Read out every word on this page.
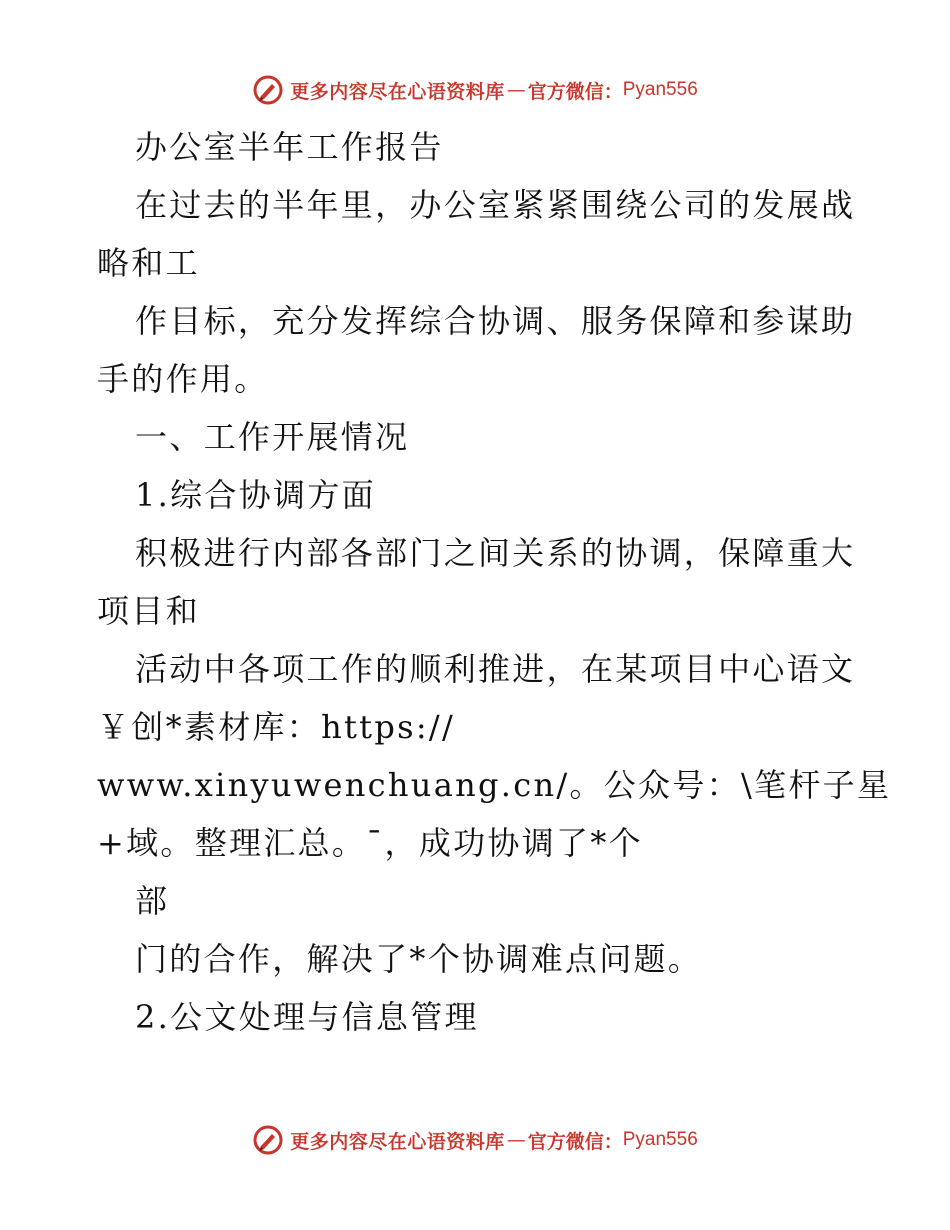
更多内容尽在心语资料库 — 官方微信： Pyan556
办公室半年工作报告
在过去的半年里，办公室紧紧围绕公司的发展战
略和工
作目标，充分发挥综合协调、服务保障和参谋助
手的作用。
一、工作开展情况
1.综合协调方面
积极进行内部各部门之间关系的协调，保障重大
项目和
活动中各项工作的顺利推进，在某项目中心语文
￥创*素材库：https://
www.xinyuwenchuang.cn/。公众号：\笔杆子星
+域。整理汇总。¯，成功协调了*个
部
门的合作，解决了*个协调难点问题。
2.公文处理与信息管理
更多内容尽在心语资料库 — 官方微信： Pyan556
